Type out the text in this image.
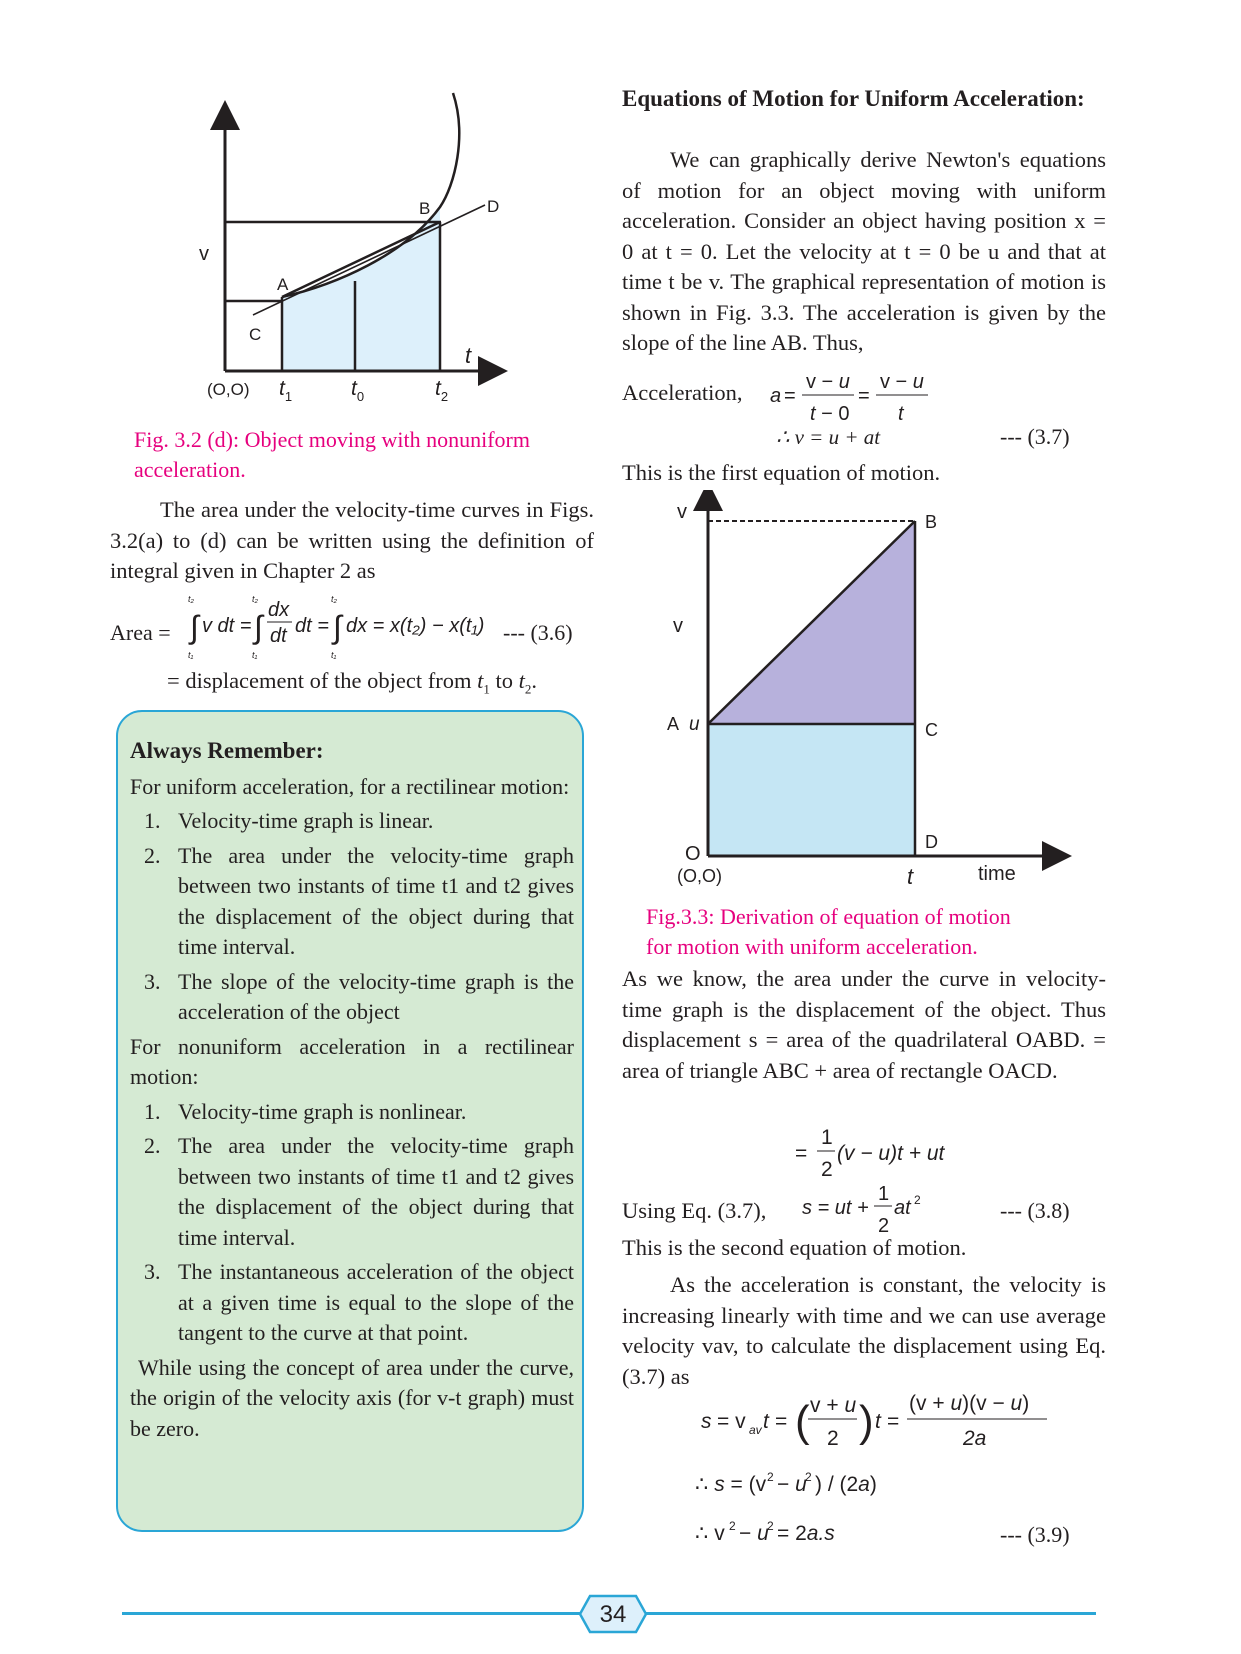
v
B	D
A
C
t
(O,O) $t_1$	$t_0$	$t_2$
Fig. 3.2 (d): Object moving with nonuniform
acceleration.
The area under the velocity-time curves in Figs. 3.2(a) to (d) can be written using the definition of integral given in Chapter 2 as
Area =
t₂
∫
t₁
v dt =
t₂
∫
t₁
dx
dt dt =
t₂
∫
t₁
dx = x(t₂) − x(t₁) --- (3.6)
= displacement of the object from $t_1$ to $t_2$.
Always Remember:
For uniform acceleration, for a rectilinear motion:
1. Velocity-time graph is linear.
2. The area under the velocity-time graph between two instants of time t1 and t2 gives the displacement of the object during that time interval.
3. The slope of the velocity-time graph is the acceleration of the object
For nonuniform acceleration in a rectilinear motion:
1. Velocity-time graph is nonlinear.
2. The area under the velocity-time graph between two instants of time t1 and t2 gives the displacement of the object during that time interval.
3. The instantaneous acceleration of the object at a given time is equal to the slope of the tangent to the curve at that point.
While using the concept of area under the curve, the origin of the velocity axis (for v-t graph) must be zero.
Equations of Motion for Uniform Acceleration:
We can graphically derive Newton's equations of motion for an object moving with uniform acceleration. Consider an object having position x = 0 at t = 0. Let the velocity at t = 0 be u and that at time t be v. The graphical representation of motion is shown in Fig. 3.3. The acceleration is given by the slope of the line AB. Thus,
Acceleration, a =
v − u
t − 0
=
v − u
t
∴ v = u + at	--- (3.7)
This is the first equation of motion.
v	B
v
A u	C
O
D
(O,O)	t	time
Fig.3.3: Derivation of equation of motion
for motion with uniform acceleration.
As we know, the area under the curve in velocity-time graph is the displacement of the object. Thus displacement s = area of the quadrilateral OABD. = area of triangle ABC + area of rectangle OACD.
=
1
2
(v − u)t + ut
Using Eq. (3.7), s = ut +
1
2
at 2	--- (3.8)
This is the second equation of motion.
As the acceleration is constant, the velocity is increasing linearly with time and we can use average velocity vav, to calculate the displacement using Eq. (3.7) as
s = v av t = ( v + u
2 ) t =
(v + u)(v − u)
2a
∴ s = (v 2 − u
2 ) / (2a)
∴ v 2 − u
2 = 2a.s	--- (3.9)
34
